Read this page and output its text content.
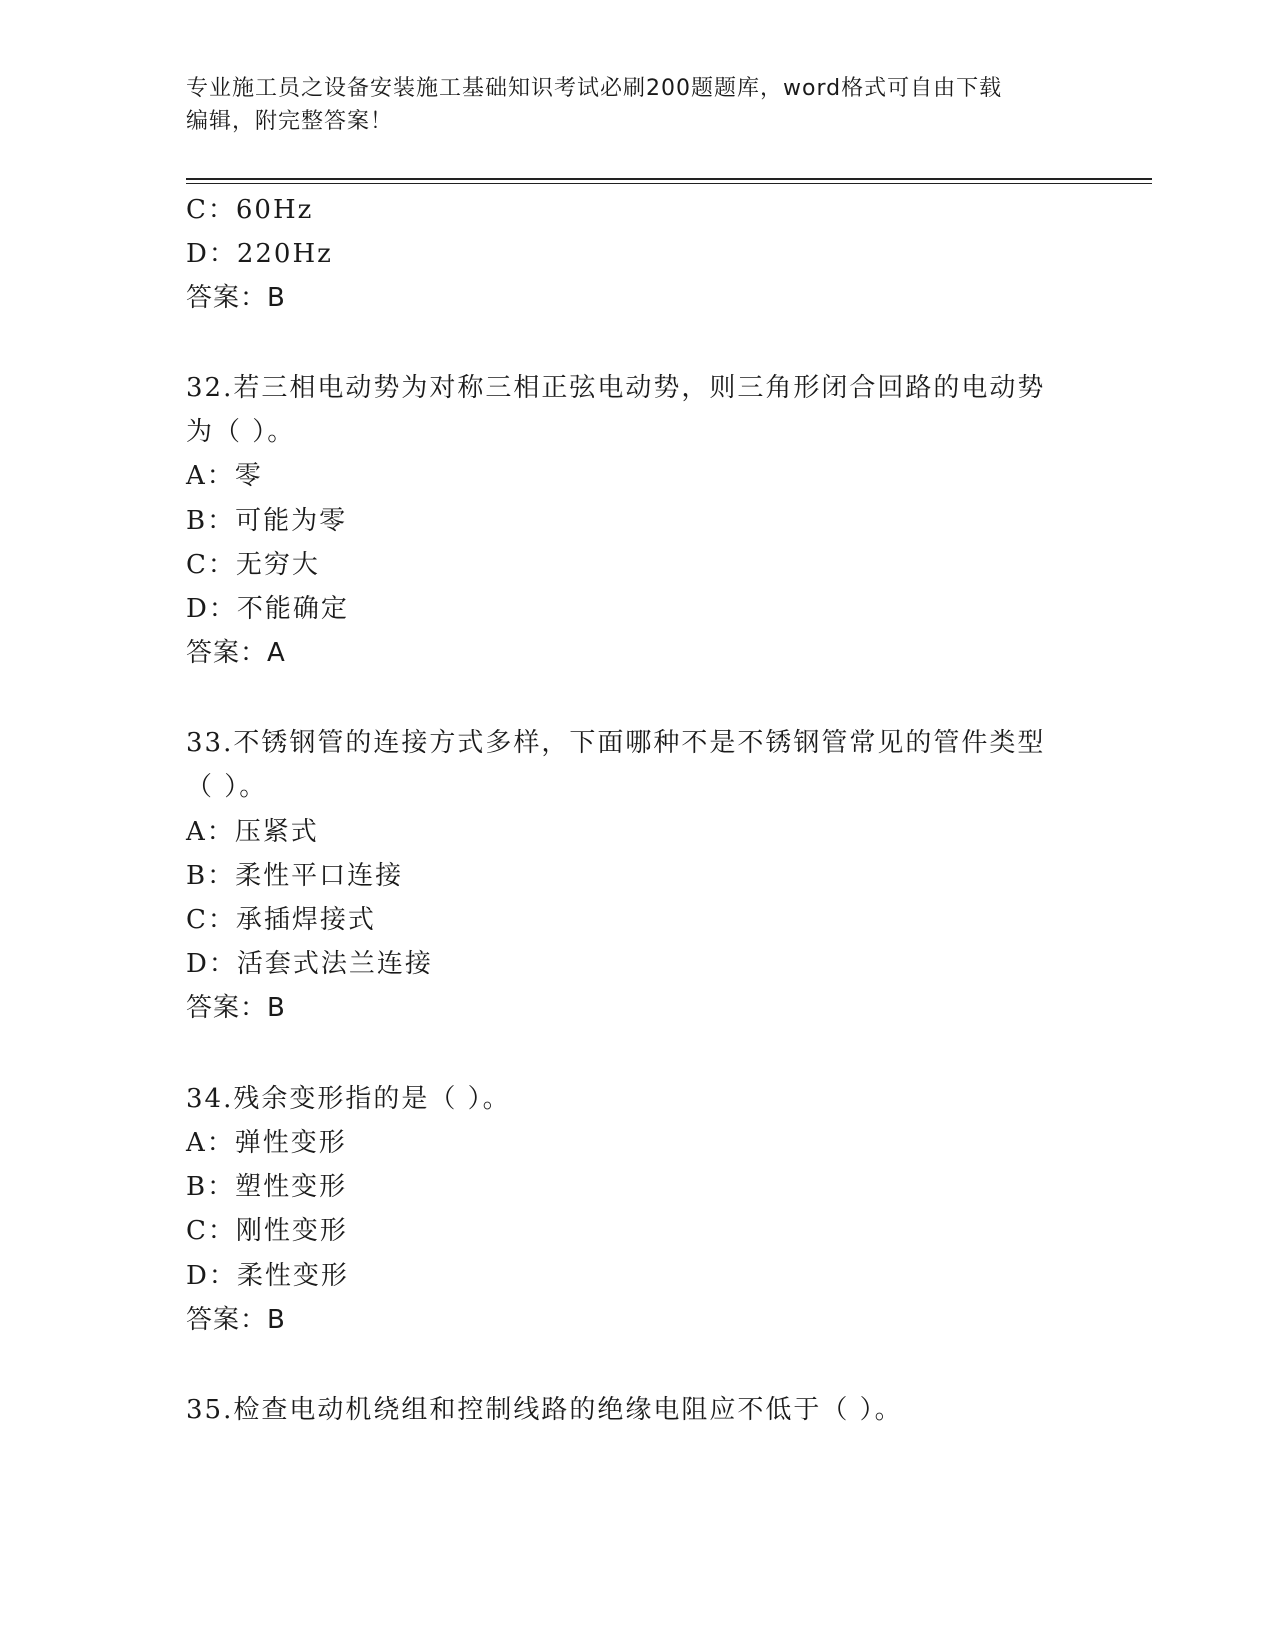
专业施工员之设备安装施工基础知识考试必刷200题题库，word格式可自由下载
编辑，附完整答案！
C：60Hz
D：220Hz
答案：B
32.若三相电动势为对称三相正弦电动势，则三角形闭合回路的电动势
为（ ）。
A：零
B：可能为零
C：无穷大
D：不能确定
答案：A
33.不锈钢管的连接方式多样，下面哪种不是不锈钢管常见的管件类型
（ ）。
A：压紧式
B：柔性平口连接
C：承插焊接式
D：活套式法兰连接
答案：B
34.残余变形指的是（ ）。
A：弹性变形
B：塑性变形
C：刚性变形
D：柔性变形
答案：B
35.检查电动机绕组和控制线路的绝缘电阻应不低于（ ）。
